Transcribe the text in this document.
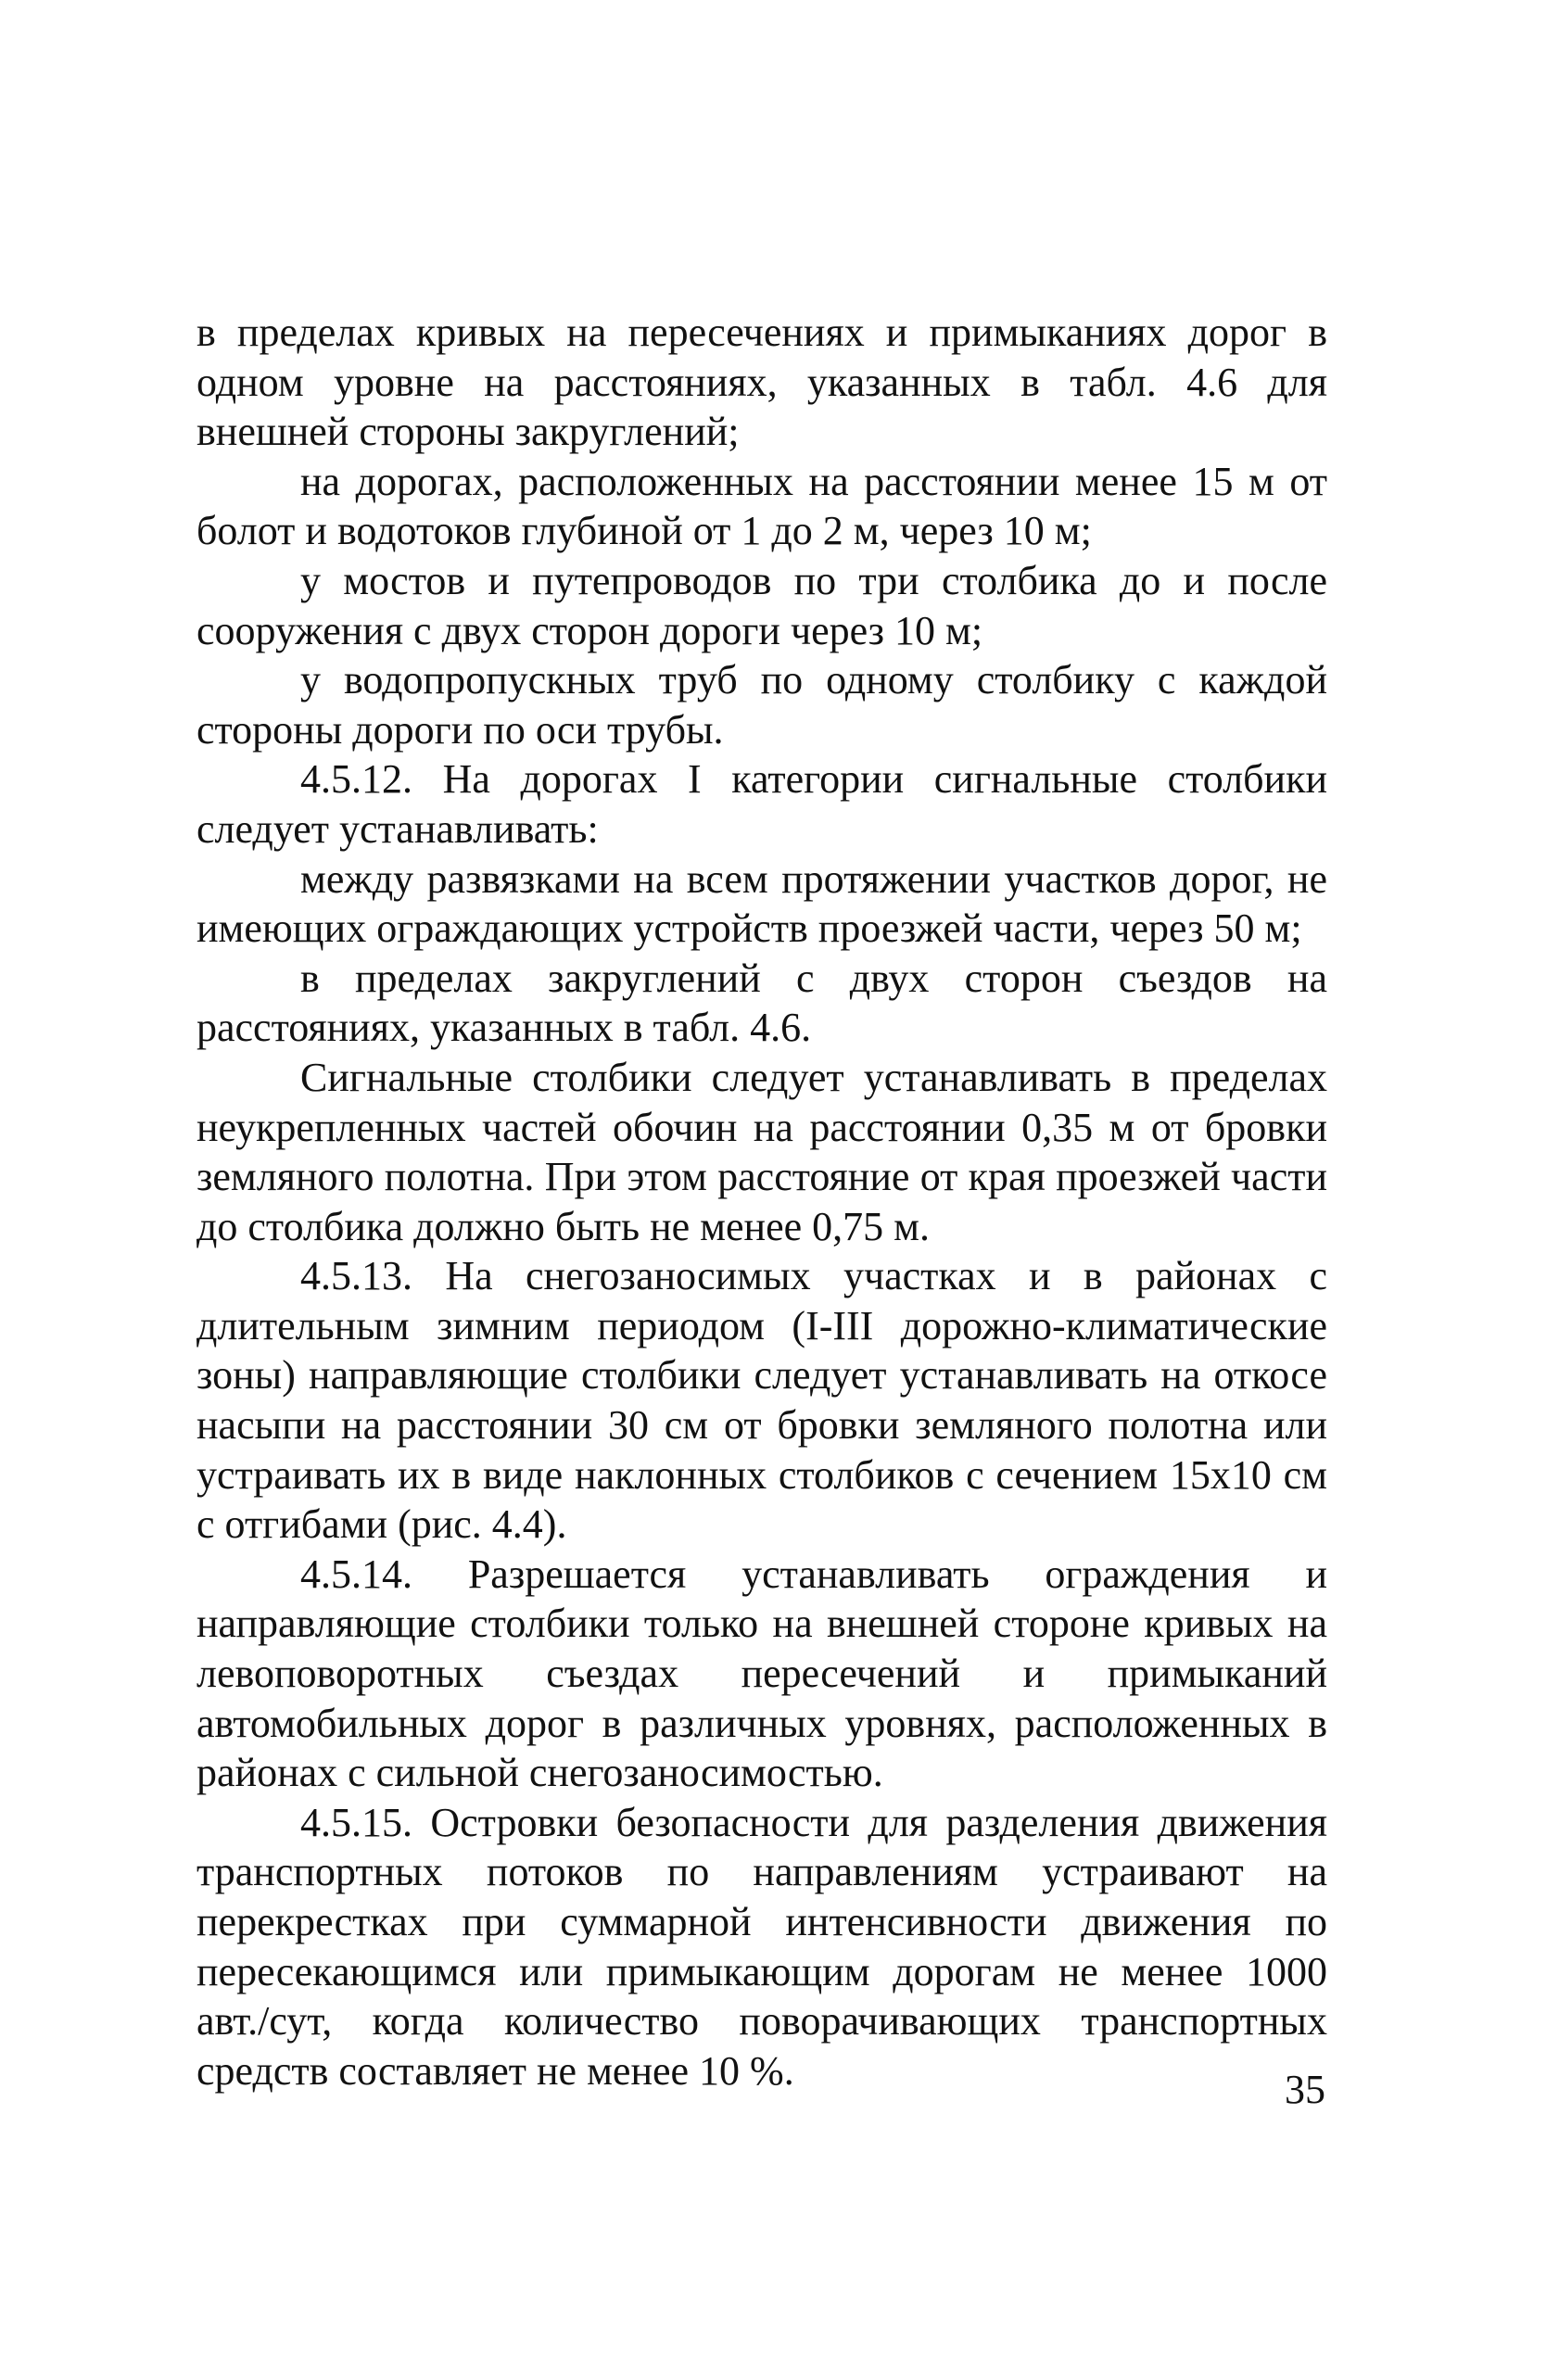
в пределах кривых на пересечениях и примыканиях дорог в одном уровне на расстояниях, указанных в табл. 4.6 для внешней стороны закруглений;

на дорогах, расположенных на расстоянии менее 15 м от болот и водотоков глубиной от 1 до 2 м, через 10 м;

у мостов и путепроводов по три столбика до и после сооружения с двух сторон дороги через 10 м;

у водопропускных труб по одному столбику с каждой стороны дороги по оси трубы.

4.5.12. На дорогах I категории сигнальные столбики следует устанавливать:

между развязками на всем протяжении участков дорог, не имеющих ограждающих устройств проезжей части, через 50 м;

в пределах закруглений с двух сторон съездов на расстояниях, указанных в табл. 4.6.

Сигнальные столбики следует устанавливать в пределах неукрепленных частей обочин на расстоянии 0,35 м от бровки земляного полотна. При этом расстояние от края проезжей части до столбика должно быть не менее 0,75 м.

4.5.13. На снегозаносимых участках и в районах с длительным зимним периодом (I-III дорожно-климатические зоны) направляющие столбики следует устанавливать на откосе насыпи на расстоянии 30 см от бровки земляного полотна или устраивать их в виде наклонных столбиков с сечением 15x10 см с отгибами (рис. 4.4).

4.5.14. Разрешается устанавливать ограждения и направляющие столбики только на внешней стороне кривых на левоповоротных съездах пересечений и примыканий автомобильных дорог в различных уровнях, расположенных в районах с сильной снегозаносимостью.

4.5.15. Островки безопасности для разделения движения транспортных потоков по направлениям устраивают на перекрестках при суммарной интенсивности движения по пересекающимся или примыкающим дорогам не менее 1000 авт./сут, когда количество поворачивающих транспортных средств составляет не менее 10 %.	35
